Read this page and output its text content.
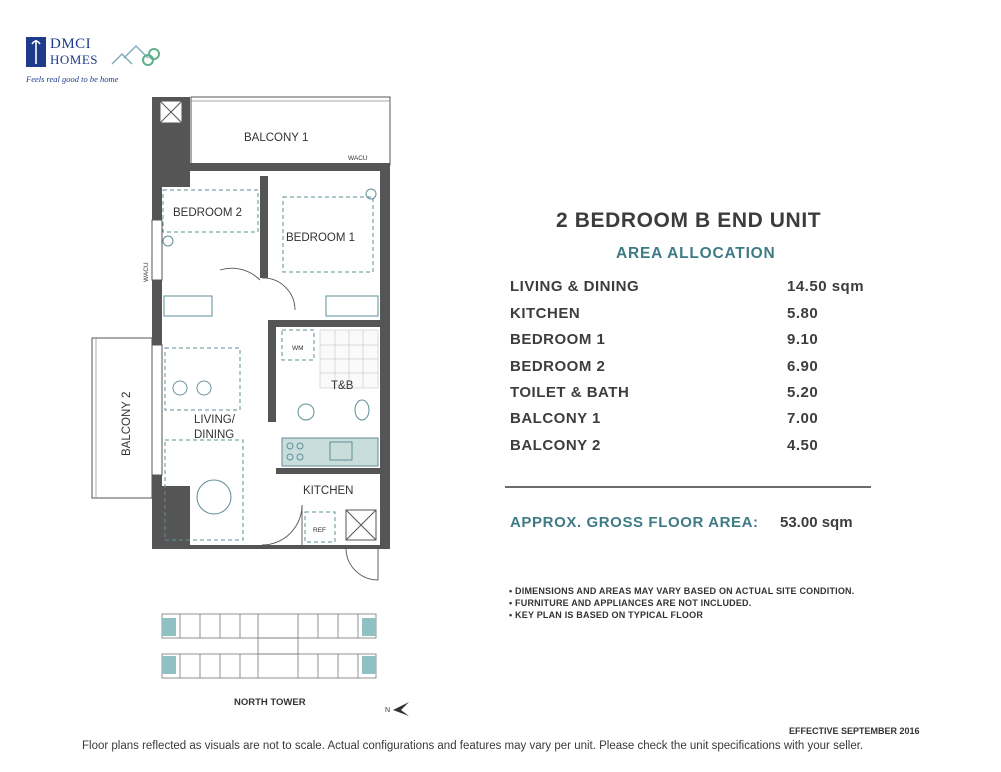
DMCI
HOMES
Feels real good to be home
BALCONY 1
BEDROOM 2
BEDROOM 1
LIVING/
DINING
T&B
KITCHEN
BALCONY 2
WACU
WACU
WM
REF
NORTH TOWER
N
2 BEDROOM B END UNIT
AREA ALLOCATION
LIVING & DINING	14.50 sqm
KITCHEN	5.80
BEDROOM 1	9.10
BEDROOM 2	6.90
TOILET & BATH	5.20
BALCONY 1	7.00
BALCONY 2	4.50
APPROX. GROSS FLOOR AREA: 53.00 sqm
• DIMENSIONS AND AREAS MAY VARY BASED ON ACTUAL SITE CONDITION.
• FURNITURE AND APPLIANCES ARE NOT INCLUDED.
• KEY PLAN IS BASED ON TYPICAL FLOOR
EFFECTIVE SEPTEMBER 2016
Floor plans reflected as visuals are not to scale. Actual configurations and features may vary per unit. Please check the unit specifications with your seller.
